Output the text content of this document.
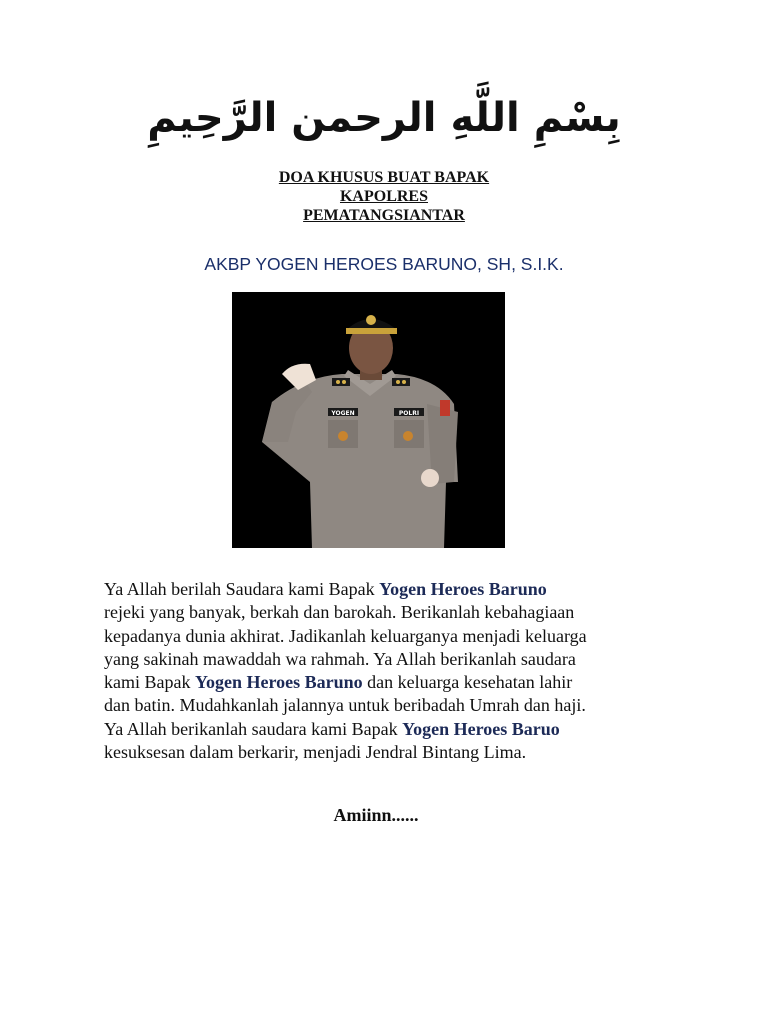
بِسْمِ اللَّهِ الرحمن الرَّحِيمِ
DOA KHUSUS BUAT BAPAK
KAPOLRES
PEMATANGSIANTAR
AKBP YOGEN HEROES BARUNO, SH, S.I.K.
YOGEN	POLRI
Ya Allah berilah Saudara kami Bapak Yogen Heroes Baruno
rejeki yang banyak, berkah dan barokah. Berikanlah kebahagiaan
kepadanya dunia akhirat. Jadikanlah keluarganya menjadi keluarga
yang sakinah mawaddah wa rahmah. Ya Allah berikanlah saudara
kami Bapak Yogen Heroes Baruno dan keluarga kesehatan lahir
dan batin. Mudahkanlah jalannya untuk beribadah Umrah dan haji.
Ya Allah berikanlah saudara kami Bapak Yogen Heroes Baruo
kesuksesan dalam berkarir, menjadi Jendral Bintang Lima.
Amiinn......
